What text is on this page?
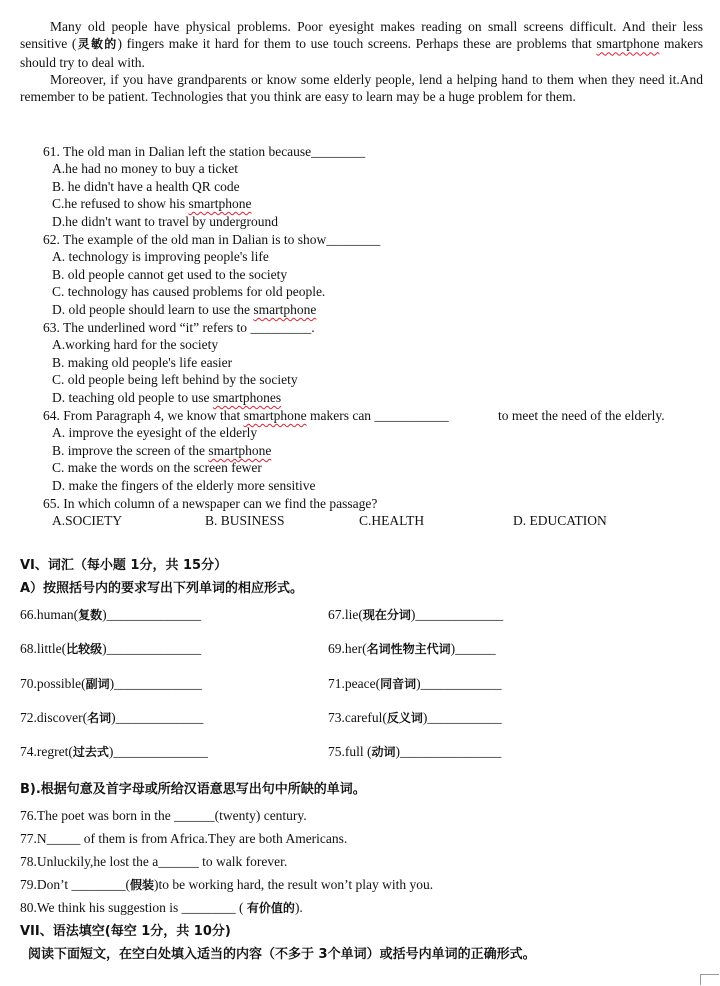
Many old people have physical problems. Poor eyesight makes reading on small screens difficult. And their less sensitive (灵敏的) fingers make it hard for them to use touch screens. Perhaps these are problems that smartphone makers should try to deal with.
Moreover, if you have grandparents or know some elderly people, lend a helping hand to them when they need it.And remember to be patient. Technologies that you think are easy to learn may be a huge problem for them.
61. The old man in Dalian left the station because________
A.he had no money to buy a ticket
B. he didn't have a health QR code
C.he refused to show his smartphone
D.he didn't want to travel by underground
62. The example of the old man in Dalian is to show________
A. technology is improving people's life
B. old people cannot get used to the society
C. technology has caused problems for old people.
D. old people should learn to use the smartphone
63. The underlined word “it” refers to _________.
A.working hard for the society
B. making old people's life easier
C. old people being left behind by the society
D. teaching old people to use smartphones
64. From Paragraph 4, we know that smartphone makers can ___________	to meet the need of the elderly.
A. improve the eyesight of the elderly
B. improve the screen of the smartphone
C. make the words on the screen fewer
D. make the fingers of the elderly more sensitive
65. In which column of a newspaper can we find the passage?
A.SOCIETY	B. BUSINESS	C.HEALTH	D. EDUCATION
VI、词汇（每小题 1分，共 15分）
A）按照括号内的要求写出下列单词的相应形式。
66.human(复数)______________	67.lie(现在分词)_____________
68.little(比较级)______________	69.her(名词性物主代词)______
70.possible(副词)_____________	71.peace(同音词)____________
72.discover(名词)_____________	73.careful(反义词)___________
74.regret(过去式)______________	75.full (动词)_______________
B).根据句意及首字母或所给汉语意思写出句中所缺的单词。
76.The poet was born in the ______(twenty) century.
77.N_____ of them is from Africa.They are both Americans.
78.Unluckily,he lost the a______ to walk forever.
79.Don’t ________(假装)to be working hard, the result won’t play with you.
80.We think his suggestion is ________ ( 有价值的).
VII、语法填空(每空 1分，共 10分)
阅读下面短文，在空白处填入适当的内容（不多于 3个单词）或括号内单词的正确形式。
